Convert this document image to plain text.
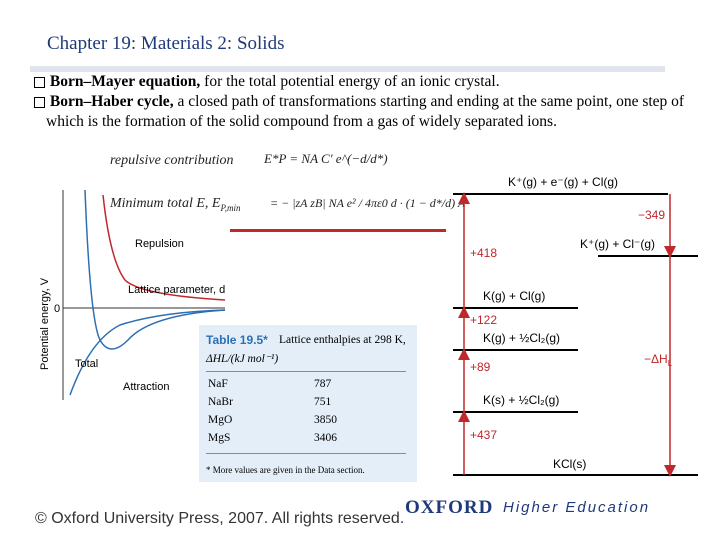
Chapter 19: Materials 2: Solids
Born–Mayer equation, for the total potential energy of an ionic crystal.
Born–Haber cycle, a closed path of transformations starting and ending at the same point, one step of which is the formation of the solid compound from a gas of widely separated ions.
repulsive contribution E*P = NA C′ e^(−d/d*)
Minimum total E, $E_{P,min}$ = − |zA zB| NA e² / 4πε0 d · (1 − d*/d) A
Repulsion
Lattice parameter, d
Total
Attraction
0
Potential energy, V	Table 19.5* Lattice enthalpies at 298 K,
ΔHL/(kJ mol⁻¹)
NaF	787
NaBr	751
MgO	3850
MgS	3406
* More values are given in the Data section.
K⁺(g) + e⁻(g) + Cl(g)
K⁺(g) + Cl⁻(g)
K(g) + Cl(g)
K(g) + ½Cl₂(g)
K(s) + ½Cl₂(g)
KCl(s)
+418
+122
+89
+437
−349
$-\Delta H_L$
© Oxford University Press, 2007. All rights reserved.
OXFORD Higher Education
